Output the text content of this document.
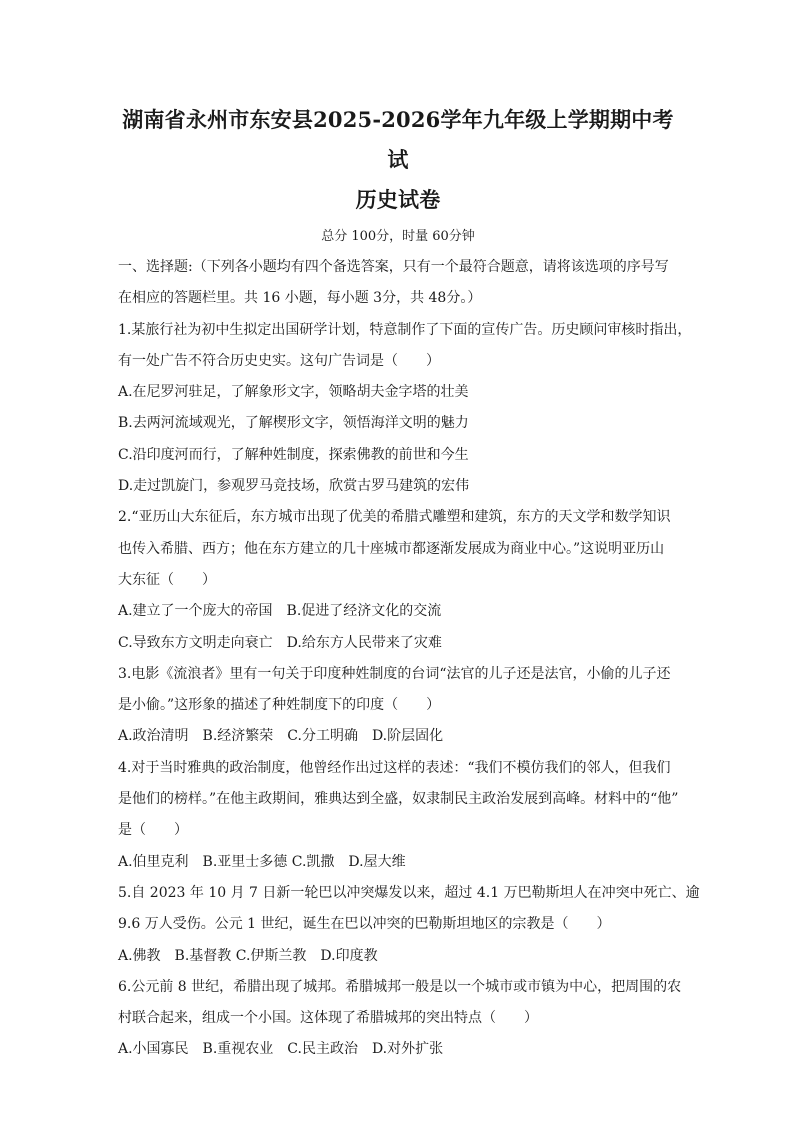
湖南省永州市东安县2025-2026学年九年级上学期期中考试

历史试卷

总分 100分，时量 60分钟

一、选择题:（下列各小题均有四个备选答案，只有一个最符合题意，请将该选项的序号写

在相应的答题栏里。共 16 小题，每小题 3分，共 48分。）

1.某旅行社为初中生拟定出国研学计划，特意制作了下面的宣传广告。历史顾问审核时指出，

有一处广告不符合历史史实。这句广告词是（　　）

A.在尼罗河驻足，了解象形文字，领略胡夫金字塔的壮美

B.去两河流域观光，了解楔形文字，领悟海洋文明的魅力

C.沿印度河而行，了解种姓制度，探索佛教的前世和今生

D.走过凯旋门，参观罗马竞技场，欣赏古罗马建筑的宏伟

2.“亚历山大东征后，东方城市出现了优美的希腊式雕塑和建筑，东方的天文学和数学知识

也传入希腊、西方；他在东方建立的几十座城市都逐渐发展成为商业中心。”这说明亚历山

大东征（　　）

A.建立了一个庞大的帝国　B.促进了经济文化的交流

C.导致东方文明走向衰亡　D.给东方人民带来了灾难

3.电影《流浪者》里有一句关于印度种姓制度的台词“法官的儿子还是法官，小偷的儿子还

是小偷。”这形象的描述了种姓制度下的印度（　　）

A.政治清明　B.经济繁荣　C.分工明确　D.阶层固化

4.对于当时雅典的政治制度，他曾经作出过这样的表述：“我们不模仿我们的邻人，但我们

是他们的榜样。”在他主政期间，雅典达到全盛，奴隶制民主政治发展到高峰。材料中的“他”

是（　　）

A.伯里克利　B.亚里士多德 C.凯撒　D.屋大维

5.自 2023 年 10 月 7 日新一轮巴以冲突爆发以来，超过 4.1 万巴勒斯坦人在冲突中死亡、逾

9.6 万人受伤。公元 1 世纪，诞生在巴以冲突的巴勒斯坦地区的宗教是（　　）

A.佛教　B.基督教 C.伊斯兰教　D.印度教

6.公元前 8 世纪，希腊出现了城邦。希腊城邦一般是以一个城市或市镇为中心，把周围的农

村联合起来，组成一个小国。这体现了希腊城邦的突出特点（　　）

A.小国寡民　B.重视农业　C.民主政治　D.对外扩张
